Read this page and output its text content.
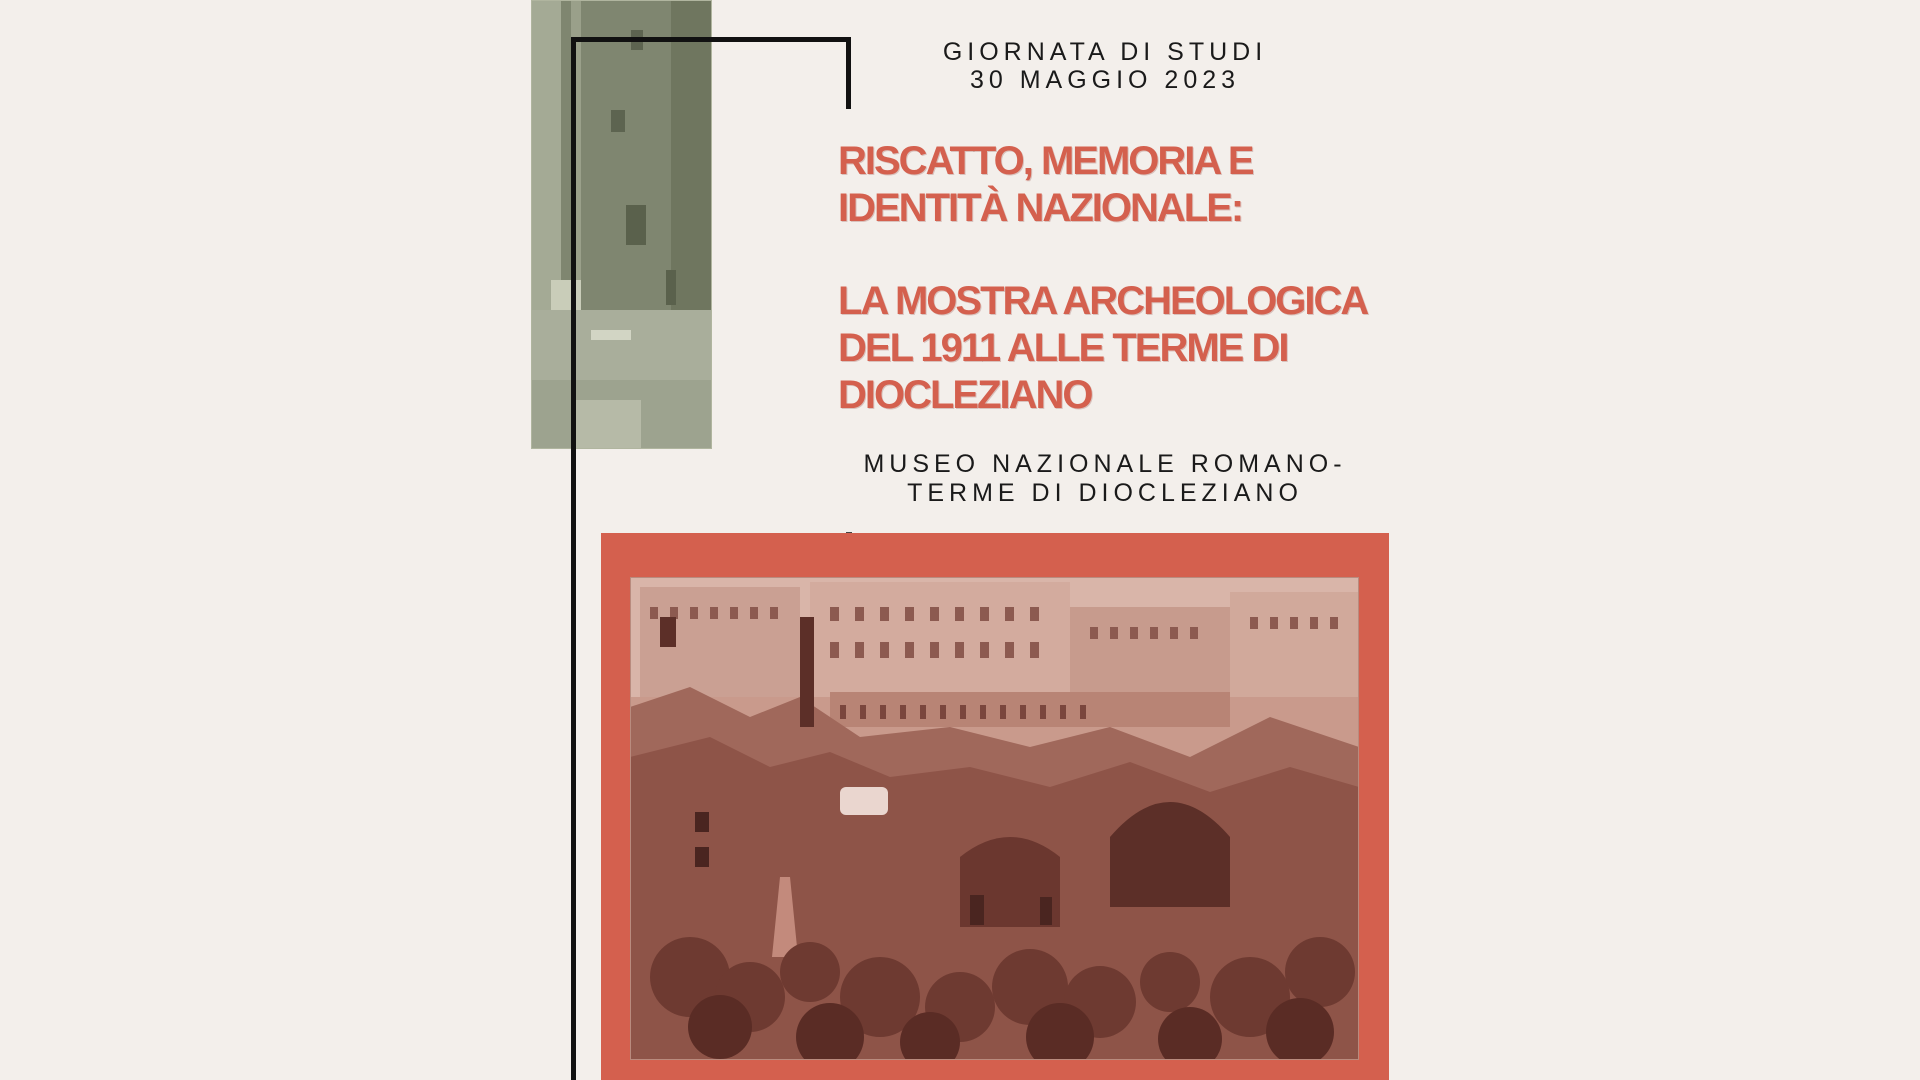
GIORNATA DI STUDI
30 MAGGIO 2023
RISCATTO, MEMORIA E
IDENTITÀ NAZIONALE:
LA MOSTRA ARCHEOLOGICA
DEL 1911 ALLE TERME DI
DIOCLEZIANO
MUSEO NAZIONALE ROMANO-
TERME DI DIOCLEZIANO
